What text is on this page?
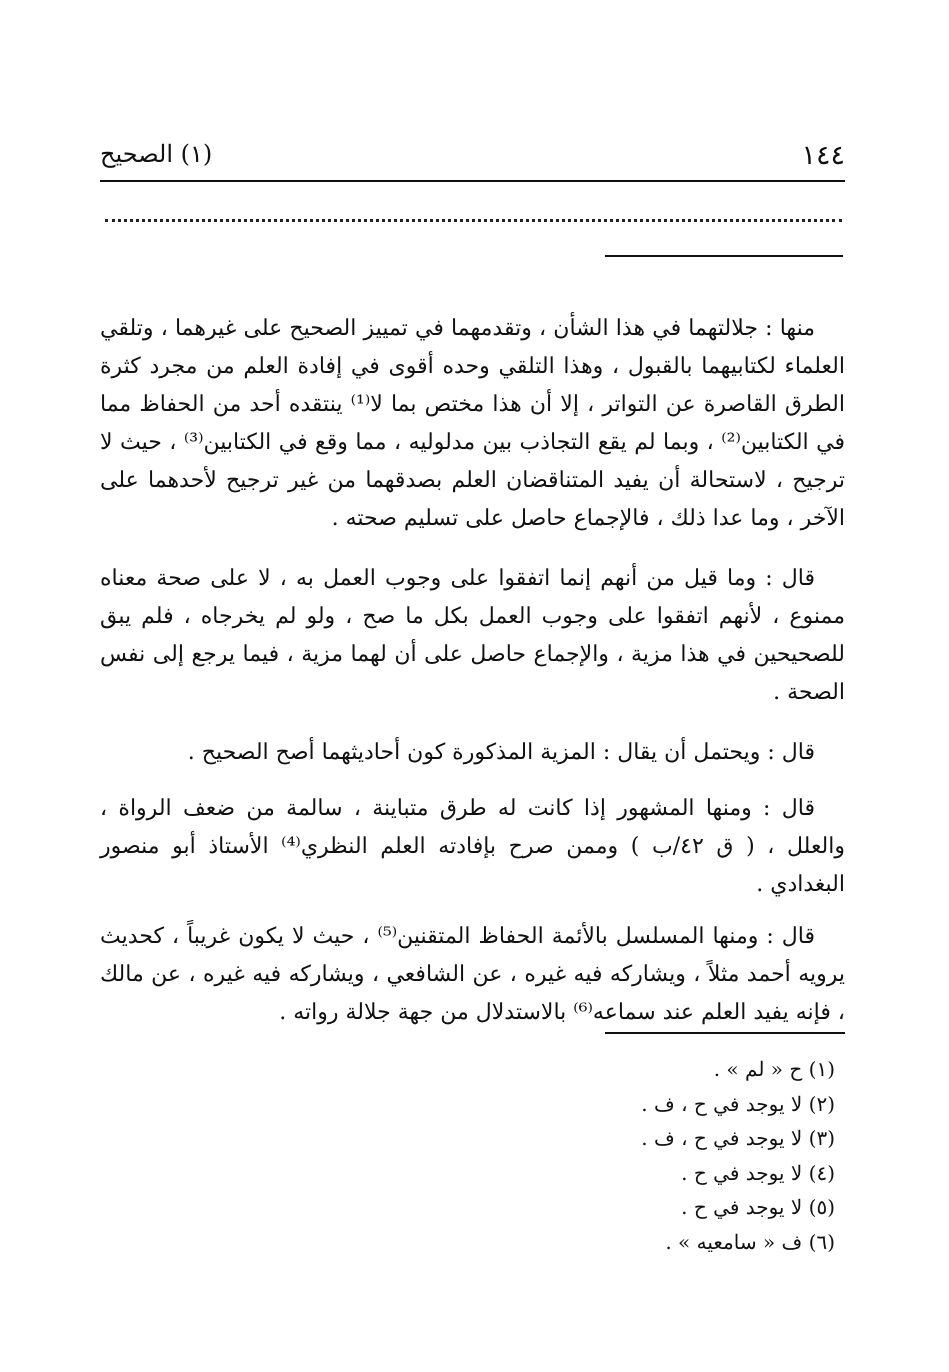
١٤٤
(١) الصحيح

منها : جلالتهما في هذا الشأن ، وتقدمهما في تمييز الصحيح على غيرهما ، وتلقي العلماء لكتابيهما بالقبول ، وهذا التلقي وحده أقوى في إفادة العلم من مجرد كثرة الطرق القاصرة عن التواتر ، إلا أن هذا مختص بما لا⁽¹⁾ ينتقده أحد من الحفاظ مما في الكتابين⁽²⁾ ، وبما لم يقع التجاذب بين مدلوليه ، مما وقع في الكتابين⁽³⁾ ، حيث لا ترجيح ، لاستحالة أن يفيد المتناقضان العلم بصدقهما من غير ترجيح لأحدهما على الآخر ، وما عدا ذلك ، فالإجماع حاصل على تسليم صحته .

قال : وما قيل من أنهم إنما اتفقوا على وجوب العمل به ، لا على صحة معناه ممنوع ، لأنهم اتفقوا على وجوب العمل بكل ما صح ، ولو لم يخرجاه ، فلم يبق للصحيحين في هذا مزية ، والإجماع حاصل على أن لهما مزية ، فيما يرجع إلى نفس الصحة .

قال : ويحتمل أن يقال : المزية المذكورة كون أحاديثهما أصح الصحيح .

قال : ومنها المشهور إذا كانت له طرق متباينة ، سالمة من ضعف الرواة ، والعلل ، ( ق ٤٢/ب ) وممن صرح بإفادته العلم النظري⁽⁴⁾ الأستاذ أبو منصور البغدادي .

قال : ومنها المسلسل بالأئمة الحفاظ المتقنين⁽⁵⁾ ، حيث لا يكون غريباً ، كحديث يرويه أحمد مثلاً ، ويشاركه فيه غيره ، عن الشافعي ، ويشاركه فيه غيره ، عن مالك ، فإنه يفيد العلم عند سماعه⁽⁶⁾ بالاستدلال من جهة جلالة رواته .

(١) ح « لم » .
(٢) لا يوجد في ح ، ف .
(٣) لا يوجد في ح ، ف .
(٤) لا يوجد في ح .
(٥) لا يوجد في ح .
(٦) ف « سامعيه » .
